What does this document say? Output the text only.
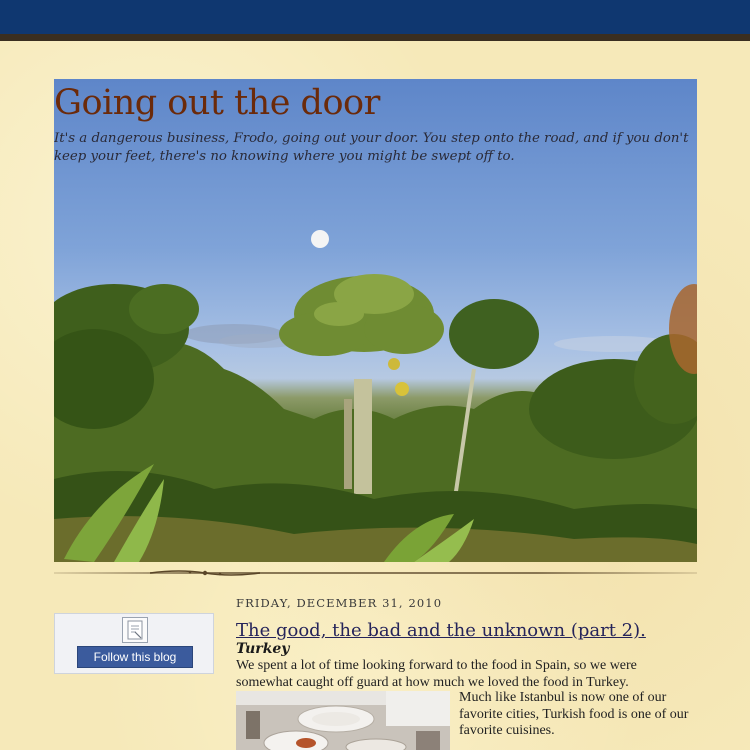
Going out the door
It's a dangerous business, Frodo, going out your door. You step onto the road, and if you don't keep your feet, there's no knowing where you might be swept off to.
Follow this blog
FRIDAY, DECEMBER 31, 2010
The good, the bad and the unknown (part 2).
Turkey
We spent a lot of time looking forward to the food in Spain, so we were somewhat caught off guard at how much we loved the food in Turkey.
Much like Istanbul is now one of our favorite cities, Turkish food is one of our favorite cuisines.
